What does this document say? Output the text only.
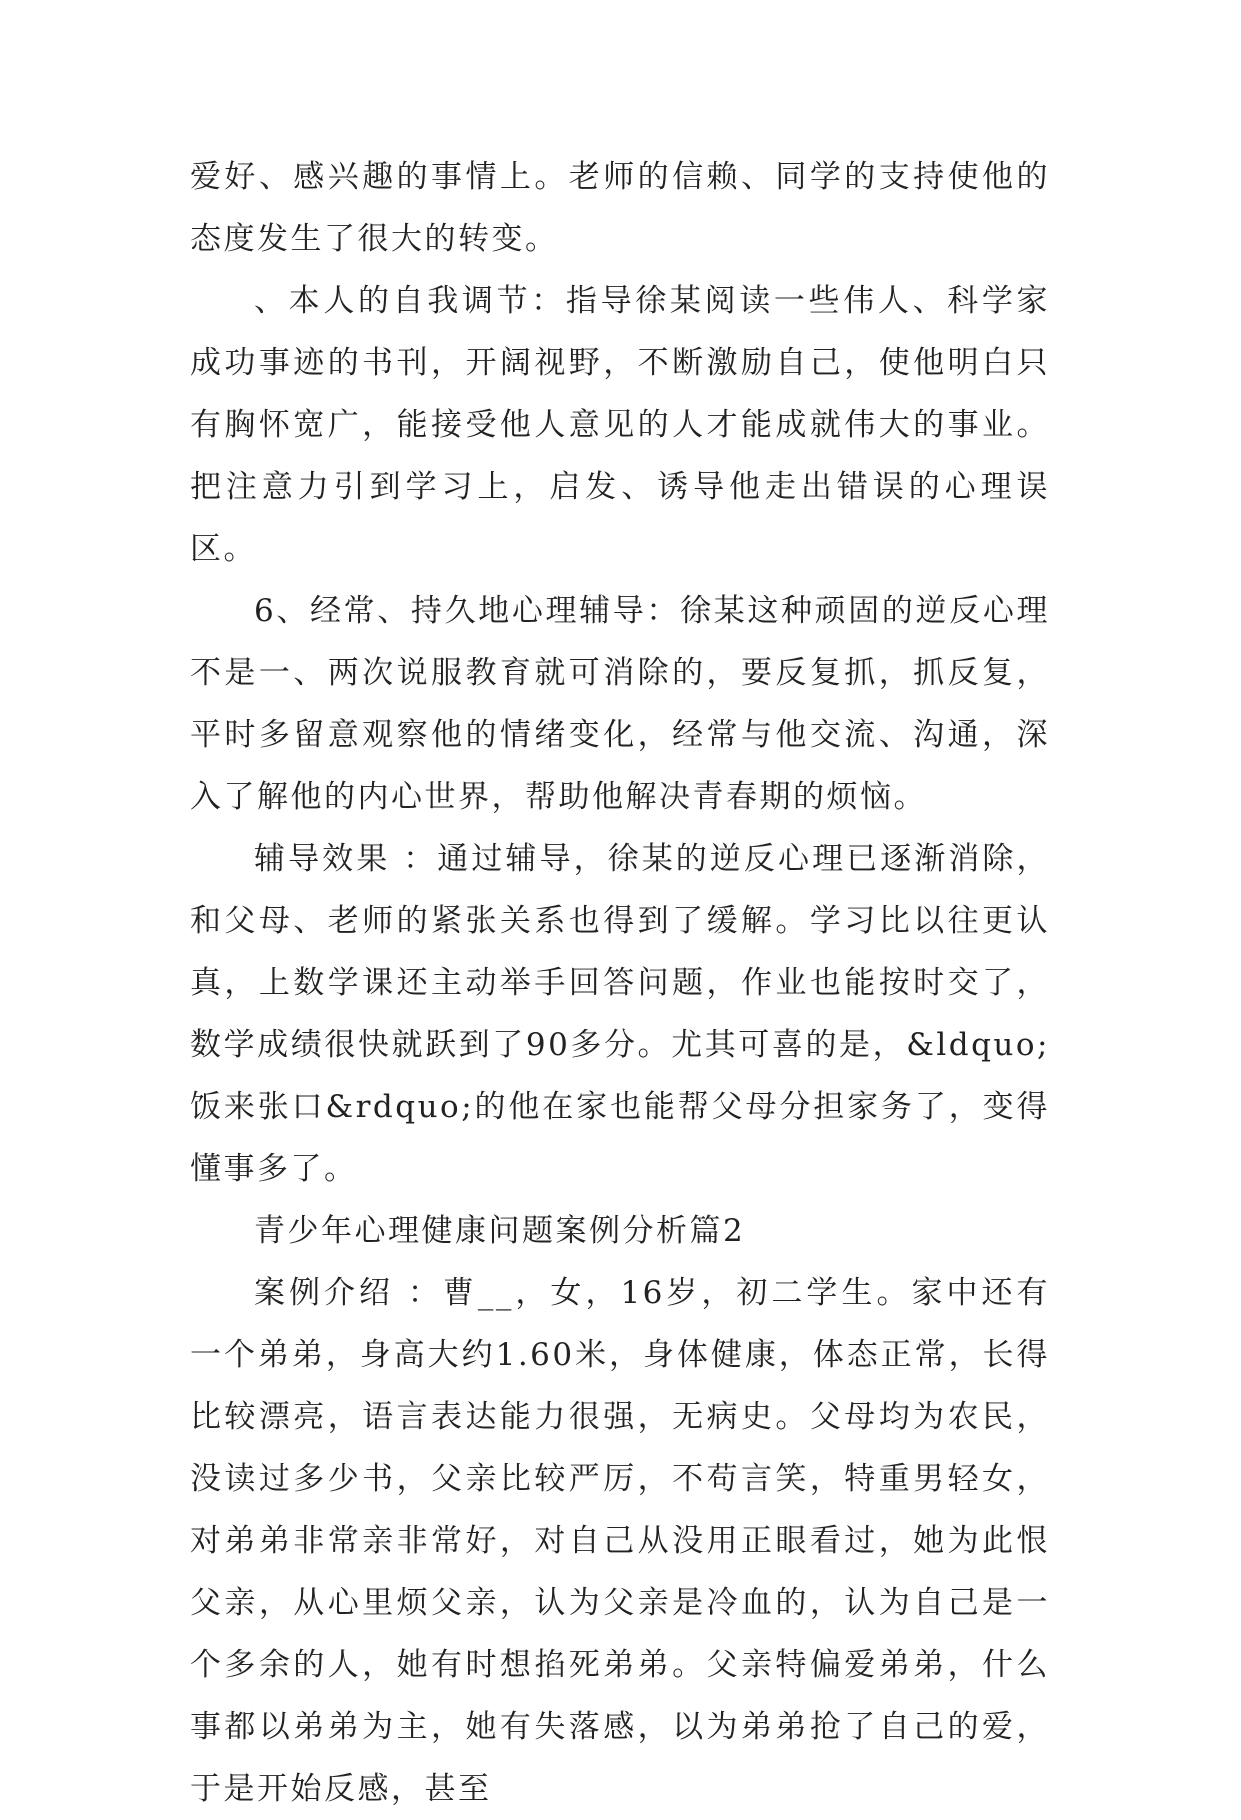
爱好、感兴趣的事情上。老师的信赖、同学的支持使他的态度发生了很大的转变。

、本人的自我调节：指导徐某阅读一些伟人、科学家成功事迹的书刊，开阔视野，不断激励自己，使他明白只有胸怀宽广，能接受他人意见的人才能成就伟大的事业。把注意力引到学习上，启发、诱导他走出错误的心理误区。

6、经常、持久地心理辅导：徐某这种顽固的逆反心理不是一、两次说服教育就可消除的，要反复抓，抓反复，平时多留意观察他的情绪变化，经常与他交流、沟通，深入了解他的内心世界，帮助他解决青春期的烦恼。

辅导效果 ：通过辅导，徐某的逆反心理已逐渐消除，和父母、老师的紧张关系也得到了缓解。学习比以往更认真，上数学课还主动举手回答问题，作业也能按时交了，数学成绩很快就跃到了90多分。尤其可喜的是，&ldquo;饭来张口&rdquo;的他在家也能帮父母分担家务了，变得懂事多了。

青少年心理健康问题案例分析篇2

案例介绍 ：曹__，女，16岁，初二学生。家中还有一个弟弟，身高大约1.60米，身体健康，体态正常，长得比较漂亮，语言表达能力很强，无病史。父母均为农民，没读过多少书，父亲比较严厉，不苟言笑，特重男轻女，对弟弟非常亲非常好，对自己从没用正眼看过，她为此恨父亲，从心里烦父亲，认为父亲是冷血的，认为自己是一个多余的人，她有时想掐死弟弟。父亲特偏爱弟弟，什么事都以弟弟为主，她有失落感，以为弟弟抢了自己的爱，于是开始反感，甚至
